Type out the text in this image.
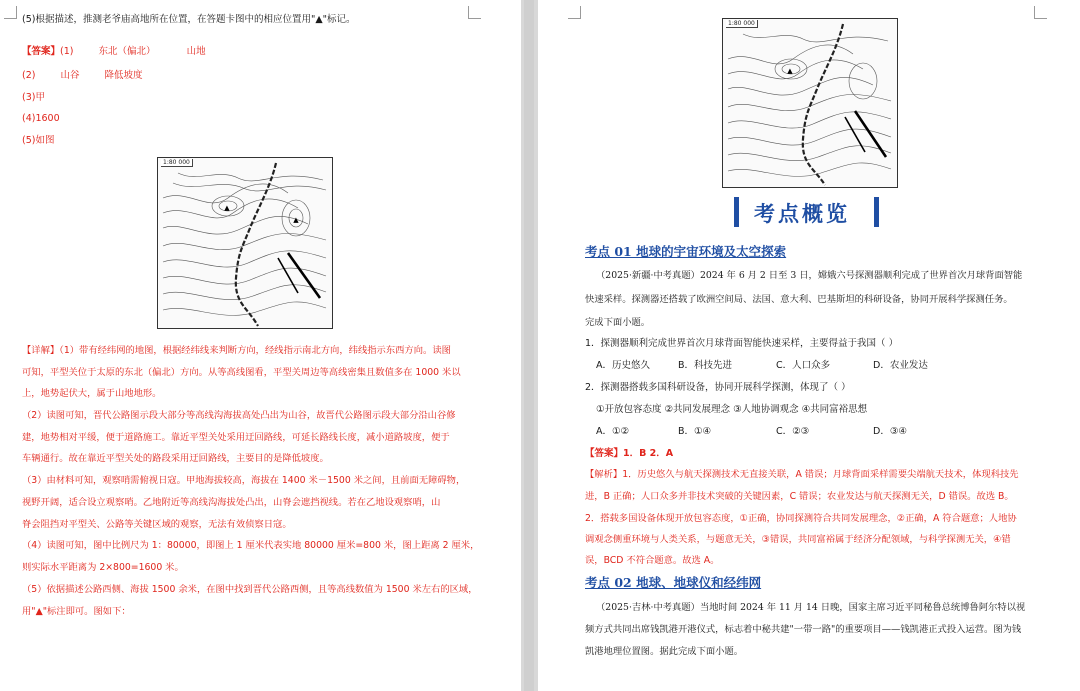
(5)根据描述，推测老爷庙高地所在位置，在答题卡图中的相应位置用"▲"标记。
【答案】(1)	东北（偏北）	山地
(2)	山谷	降低坡度
(3)甲
(4)1600
(5)如图
▲
▲
1:80 000
【详解】（1）带有经纬网的地图，根据经纬线来判断方向，经线指示南北方向，纬线指示东西方向。读图
可知，平型关位于太原的东北（偏北）方向。从等高线图看，平型关周边等高线密集且数值多在 1000 米以
上，地势起伏大，属于山地地形。
（2）读图可知，晋代公路图示段大部分等高线沟海拔高处凸出为山谷，故晋代公路图示段大部分沿山谷修
建，地势相对平缓，便于道路施工。靠近平型关处采用迂回路线，可延长路线长度，减小道路坡度，便于
车辆通行。故在靠近平型关处的路段采用迂回路线，主要目的是降低坡度。
（3）由材料可知，观察哨需俯视日寇。甲地海拔较高，海拔在 1400 米－1500 米之间，且前面无障碍物，
视野开阔，适合设立观察哨。乙地附近等高线沟海拔处凸出，山脊会遮挡视线。若在乙地设观察哨，山
脊会阻挡对平型关、公路等关键区域的观察，无法有效侦察日寇。
（4）读图可知，图中比例尺为 1：80000，即图上 1 厘米代表实地 80000 厘米=800 米，图上距离 2 厘米，
则实际水平距离为 2×800=1600 米。
（5）依据描述公路西侧、海拔 1500 余米，在图中找到晋代公路西侧，且等高线数值为 1500 米左右的区域，
用"▲"标注即可。图如下：
▲
1:80 000
考点概览
考点 01 地球的宇宙环境及太空探索
（2025·新疆·中考真题）2024 年 6 月 2 日至 3 日，嫦娥六号探测器顺利完成了世界首次月球背面智能
快速采样。探测器还搭载了欧洲空间局、法国、意大利、巴基斯坦的科研设备，协同开展科学探测任务。
完成下面小题。
1．探测器顺利完成世界首次月球背面智能快速采样，主要得益于我国（ ）
A．历史悠久	B．科技先进	C．人口众多	D．农业发达
2．探测器搭载多国科研设备，协同开展科学探测，体现了（ ）
①开放包容态度 ②共同发展理念 ③人地协调观念 ④共同富裕思想
A．①②	B．①④	C．②③	D．③④
【答案】1．B 2．A
【解析】1．历史悠久与航天探测技术无直接关联，A 错误；月球背面采样需要尖端航天技术，体现科技先
进，B 正确；人口众多并非技术突破的关键因素，C 错误；农业发达与航天探测无关，D 错误。故选 B。
2．搭载多国设备体现开放包容态度，①正确，协同探测符合共同发展理念，②正确，A 符合题意；人地协
调观念侧重环境与人类关系，与题意无关，③错误，共同富裕属于经济分配领域，与科学探测无关，④错
误，BCD 不符合题意。故选 A。
考点 02 地球、地球仪和经纬网
（2025·吉林·中考真题）当地时间 2024 年 11 月 14 日晚，国家主席习近平同秘鲁总统博鲁阿尔特以视
频方式共同出席钱凯港开港仪式，标志着中秘共建"一带一路"的重要项目——钱凯港正式投入运营。图为钱
凯港地理位置图。据此完成下面小题。
